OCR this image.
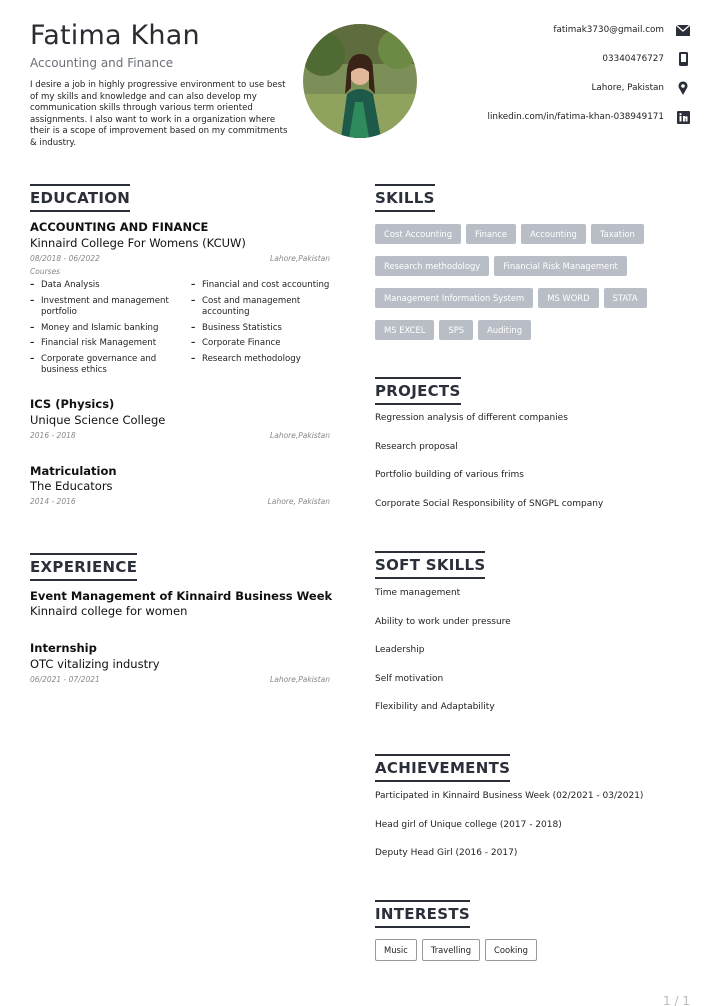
Fatima Khan
Accounting and Finance
I desire a job in highly progressive environment to use best of my skills and knowledge and can also develop my communication skills through various term oriented assignments. I also want to work in a organization where their is a scope of improvement based on my commitments & industry.
fatimak3730@gmail.com
03340476727
Lahore, Pakistan
linkedin.com/in/fatima-khan-038949171
EDUCATION
ACCOUNTING AND FINANCE
Kinnaird College For Womens (KCUW)
08/2018 - 06/2022	Lahore,Pakistan
Courses
– Data Analysis
– Investment and management portfolio
– Money and Islamic banking
– Financial risk Management
– Corporate governance and business ethics
– Financial and cost accounting
– Cost and management accounting
– Business Statistics
– Corporate Finance
– Research methodology
ICS (Physics)
Unique Science College
2016 - 2018	Lahore,Pakistan
Matriculation
The Educators
2014 - 2016	Lahore, Pakistan
EXPERIENCE
Event Management of Kinnaird Business Week
Kinnaird college for women
Internship
OTC vitalizing industry
06/2021 - 07/2021	Lahore,Pakistan
SKILLS
Cost Accounting	Finance	Accounting	Taxation
Research methodology	Financial Risk Management
Management Information System	MS WORD	STATA
MS EXCEL	SPS	Auditing
PROJECTS
Regression analysis of different companies
Research proposal
Portfolio building of various frims
Corporate Social Responsibility of SNGPL company
SOFT SKILLS
Time management
Ability to work under pressure
Leadership
Self motivation
Flexibility and Adaptability
ACHIEVEMENTS
Participated in Kinnaird Business Week (02/2021 - 03/2021)
Head girl of Unique college (2017 - 2018)
Deputy Head Girl (2016 - 2017)
INTERESTS
Music	Travelling	Cooking
1 / 1
